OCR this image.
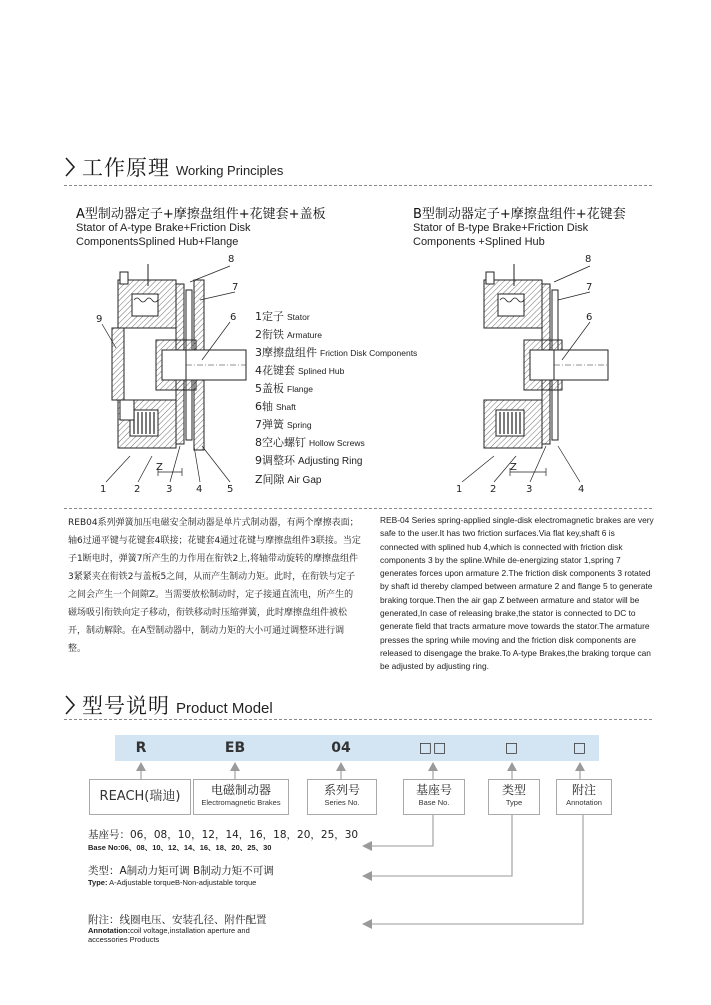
工作原理 Working Principles
A型制动器定子+摩擦盘组件+花键套+盖板
Stator of A-type Brake+Friction Disk
ComponentsSplined Hub+Flange
B型制动器定子+摩擦盘组件+花键套
Stator of B-type Brake+Friction Disk
Components +Splined Hub
8
7
9	6
Z
1	2	3 4 5
1定子 Stator
2衔铁 Armature
3摩擦盘组件 Friction Disk Components
4花键套 Splined Hub
5盖板 Flange
6轴 Shaft
7弹簧 Spring
8空心螺钉 Hollow Screws
9调整环 Adjusting Ring
Z间隙 Air Gap
8
7
6
Z
1	2	3	4
REB04系列弹簧加压电磁安全制动器是单片式制动器，有两个摩擦表面；轴6过通平键与花键套4联接；花键套4通过花键与摩擦盘组件3联接。当定子1断电时，弹簧7所产生的力作用在衔铁2上,将轴带动旋转的摩擦盘组件3紧紧夹在衔铁2与盖板5之间，从而产生制动力矩。此时，在衔铁与定子之间会产生一个间隙Z。当需要放松制动时，定子接通直流电，所产生的磁场吸引衔铁向定子移动，衔铁移动时压缩弹簧，此时摩擦盘组件被松开，制动解除。在A型制动器中，制动力矩的大小可通过调整环进行调整。
REB-04 Series spring-applied single-disk electromagnetic brakes are very safe to the user.It has two friction surfaces.Via flat key,shaft 6 is connected with splined hub 4,which is connected with friction disk components 3 by the spline.While de-energizing stator 1,spring 7 generates forces upon armature 2.The friction disk components 3 rotated by shaft id thereby clamped between armature 2 and flange 5 to generate braking torque.Then the air gap Z between armature and stator will be generated,In case of releasing brake,the stator is connected to DC to generate field that tracts armature move towards the stator.The armature presses the spring while moving and the friction disk components are released to disengage the brake.To A-type Brakes,the braking torque can be adjusted by adjusting ring.
型号说明 Product Model
R	EB	04	□□	□	□
REACH(瑞迪)	电磁制动器
Electromagnetic Brakes
系列号
Series No.
基座号
Base No.
类型
Type
附注
Annotation
基座号：06，08，10，12，14，16，18，20，25，30
Base No:06、08、10、12、14、16、18、20、25、30
类型：A制动力矩可调 B制动力矩不可调
Type: A-Adjustable torqueB-Non-adjustable torque
附注：线圈电压、安装孔径、附件配置
Annotation:coil voltage,installation aperture and accessories Products
